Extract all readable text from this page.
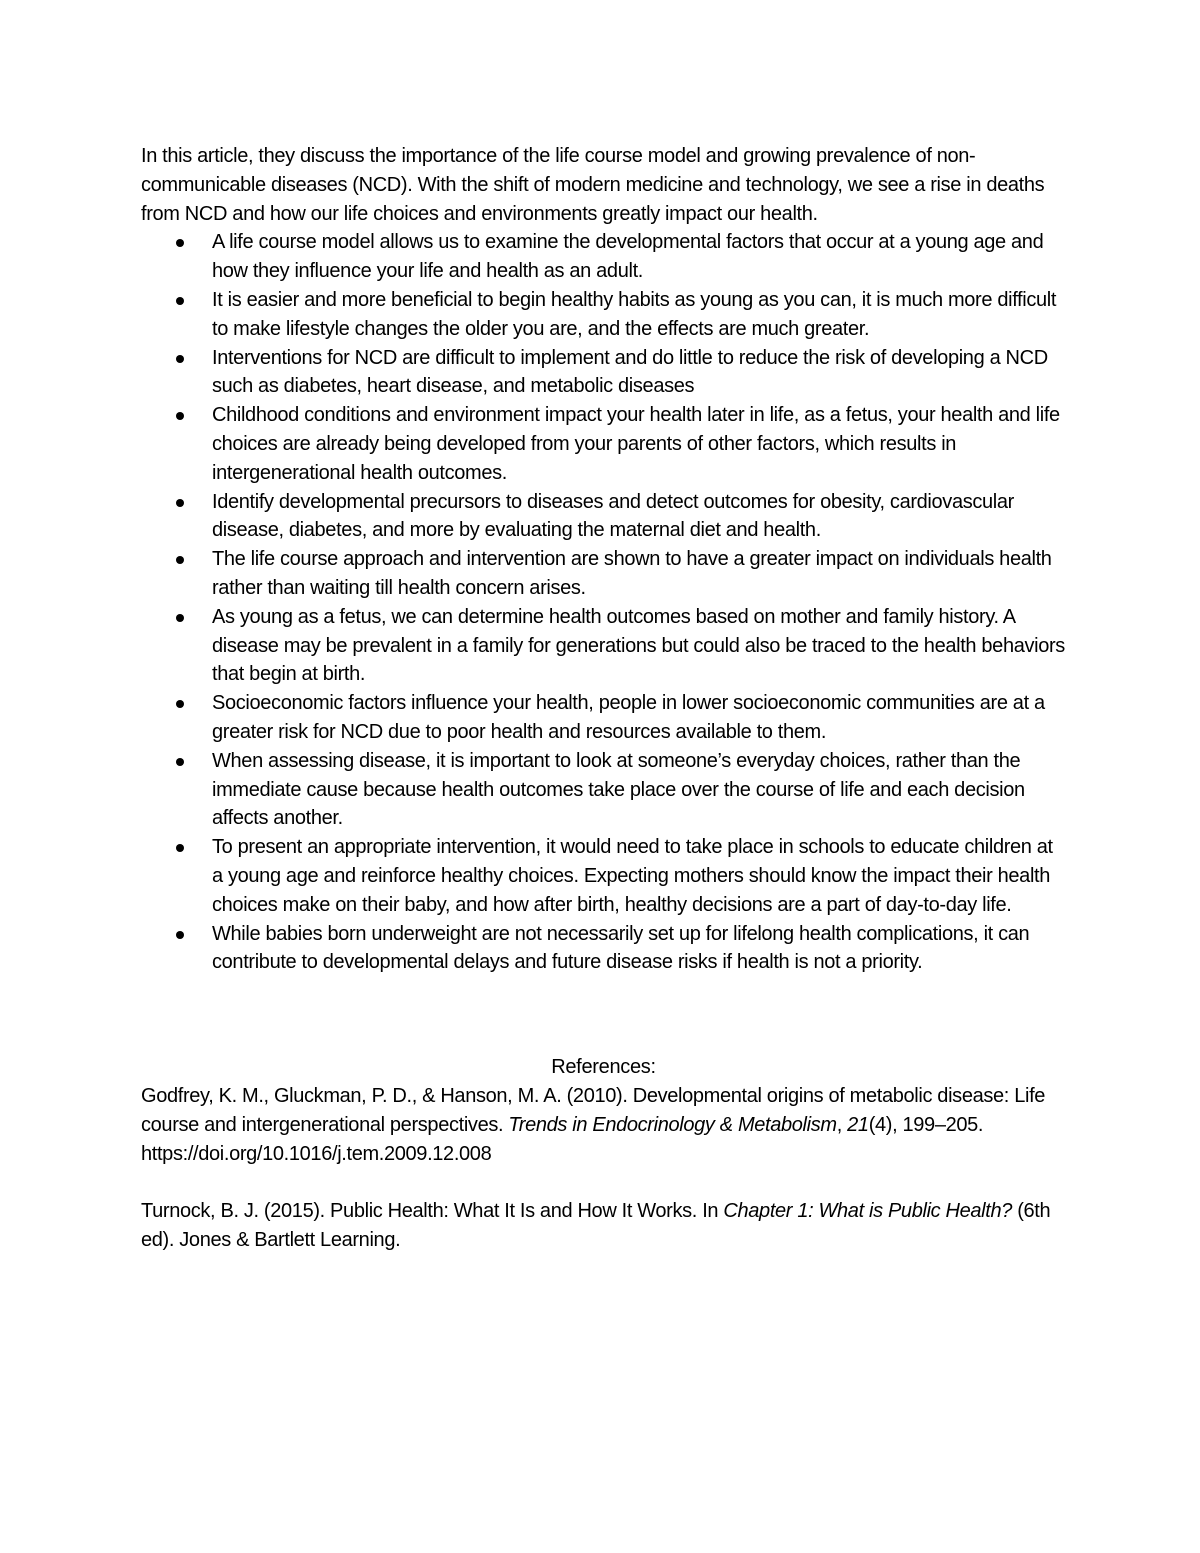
In this article, they discuss the importance of the life course model and growing prevalence of non-communicable diseases (NCD). With the shift of modern medicine and technology, we see a rise in deaths from NCD and how our life choices and environments greatly impact our health.

A life course model allows us to examine the developmental factors that occur at a young age and how they influence your life and health as an adult.
It is easier and more beneficial to begin healthy habits as young as you can, it is much more difficult to make lifestyle changes the older you are, and the effects are much greater.
Interventions for NCD are difficult to implement and do little to reduce the risk of developing a NCD such as diabetes, heart disease, and metabolic diseases
Childhood conditions and environment impact your health later in life, as a fetus, your health and life choices are already being developed from your parents of other factors, which results in intergenerational health outcomes.
Identify developmental precursors to diseases and detect outcomes for obesity, cardiovascular disease, diabetes, and more by evaluating the maternal diet and health.
The life course approach and intervention are shown to have a greater impact on individuals health rather than waiting till health concern arises.
As young as a fetus, we can determine health outcomes based on mother and family history. A disease may be prevalent in a family for generations but could also be traced to the health behaviors that begin at birth.
Socioeconomic factors influence your health, people in lower socioeconomic communities are at a greater risk for NCD due to poor health and resources available to them.
When assessing disease, it is important to look at someone’s everyday choices, rather than the immediate cause because health outcomes take place over the course of life and each decision affects another.
To present an appropriate intervention, it would need to take place in schools to educate children at a young age and reinforce healthy choices. Expecting mothers should know the impact their health choices make on their baby, and how after birth, healthy decisions are a part of day-to-day life.
While babies born underweight are not necessarily set up for lifelong health complications, it can contribute to developmental delays and future disease risks if health is not a priority.

References:

Godfrey, K. M., Gluckman, P. D., & Hanson, M. A. (2010). Developmental origins of metabolic disease: Life course and intergenerational perspectives. Trends in Endocrinology & Metabolism, 21(4), 199–205. https://doi.org/10.1016/j.tem.2009.12.008

Turnock, B. J. (2015). Public Health: What It Is and How It Works. In Chapter 1: What is Public Health? (6th ed). Jones & Bartlett Learning.
